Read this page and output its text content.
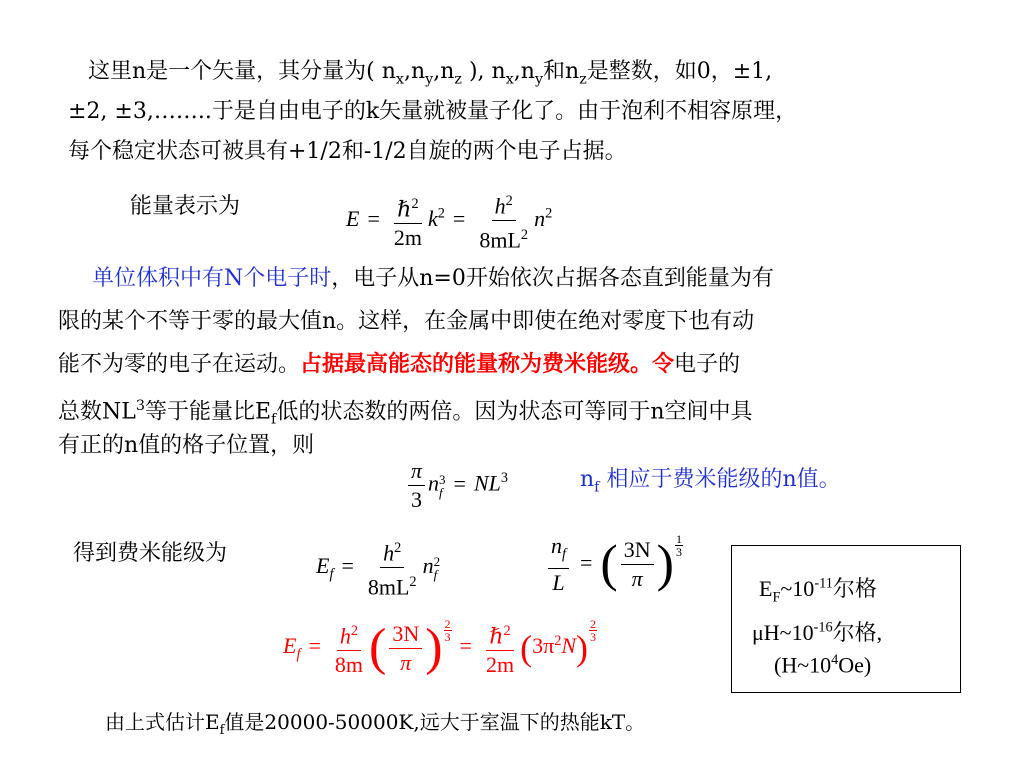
这里n是一个矢量，其分量为( $n_x,n_y,n_z$ ), $n_x,n_y$和$n_z$是整数，如0，±1,
±2, ±3,……..于是自由电子的k矢量就被量子化了。由于泡利不相容原理，
每个稳定状态可被具有+1/2和-1/2自旋的两个电子占据。
能量表示为	$E = \frac{\hbar^2}{2m} k^2 = \frac{h^2}{8mL^2} n^2$
单位体积中有N个电子时，电子从n=0开始依次占据各态直到能量为有
限的某个不等于零的最大值n。这样，在金属中即使在绝对零度下也有动
能不为零的电子在运动。占据最高能态的能量称为费米能级。令电子的
总数$NL^3$等于能量比$E_f$低的状态数的两倍。因为状态可等同于n空间中具
有正的n值的格子位置，则
$\frac{\pi}{3}$ n 3
$f = NL^3$	$n_f$ 相应于费米能级的n值。
得到费米能级为	$E_f = \frac{h^2}{8mL^2}$ n 2
f	$\frac{n_f}{L}$ = ( $\frac{3N}{\pi}$ ) $\frac{1}{3}$
$E_f = \frac{h^2}{8m}$ ( $\frac{3N}{\pi}$ ) $\frac{2}{3}$
= $\frac{\hbar^2}{2m} (3\pi^2N) \frac{2}{3}$
$E_F\sim 10^{-11}$尔格
$\mu H\sim 10^{-16}$尔格,
$(H\sim 10^4Oe)$
由上式估计$E_f$值是20000-50000K,远大于室温下的热能kT。
